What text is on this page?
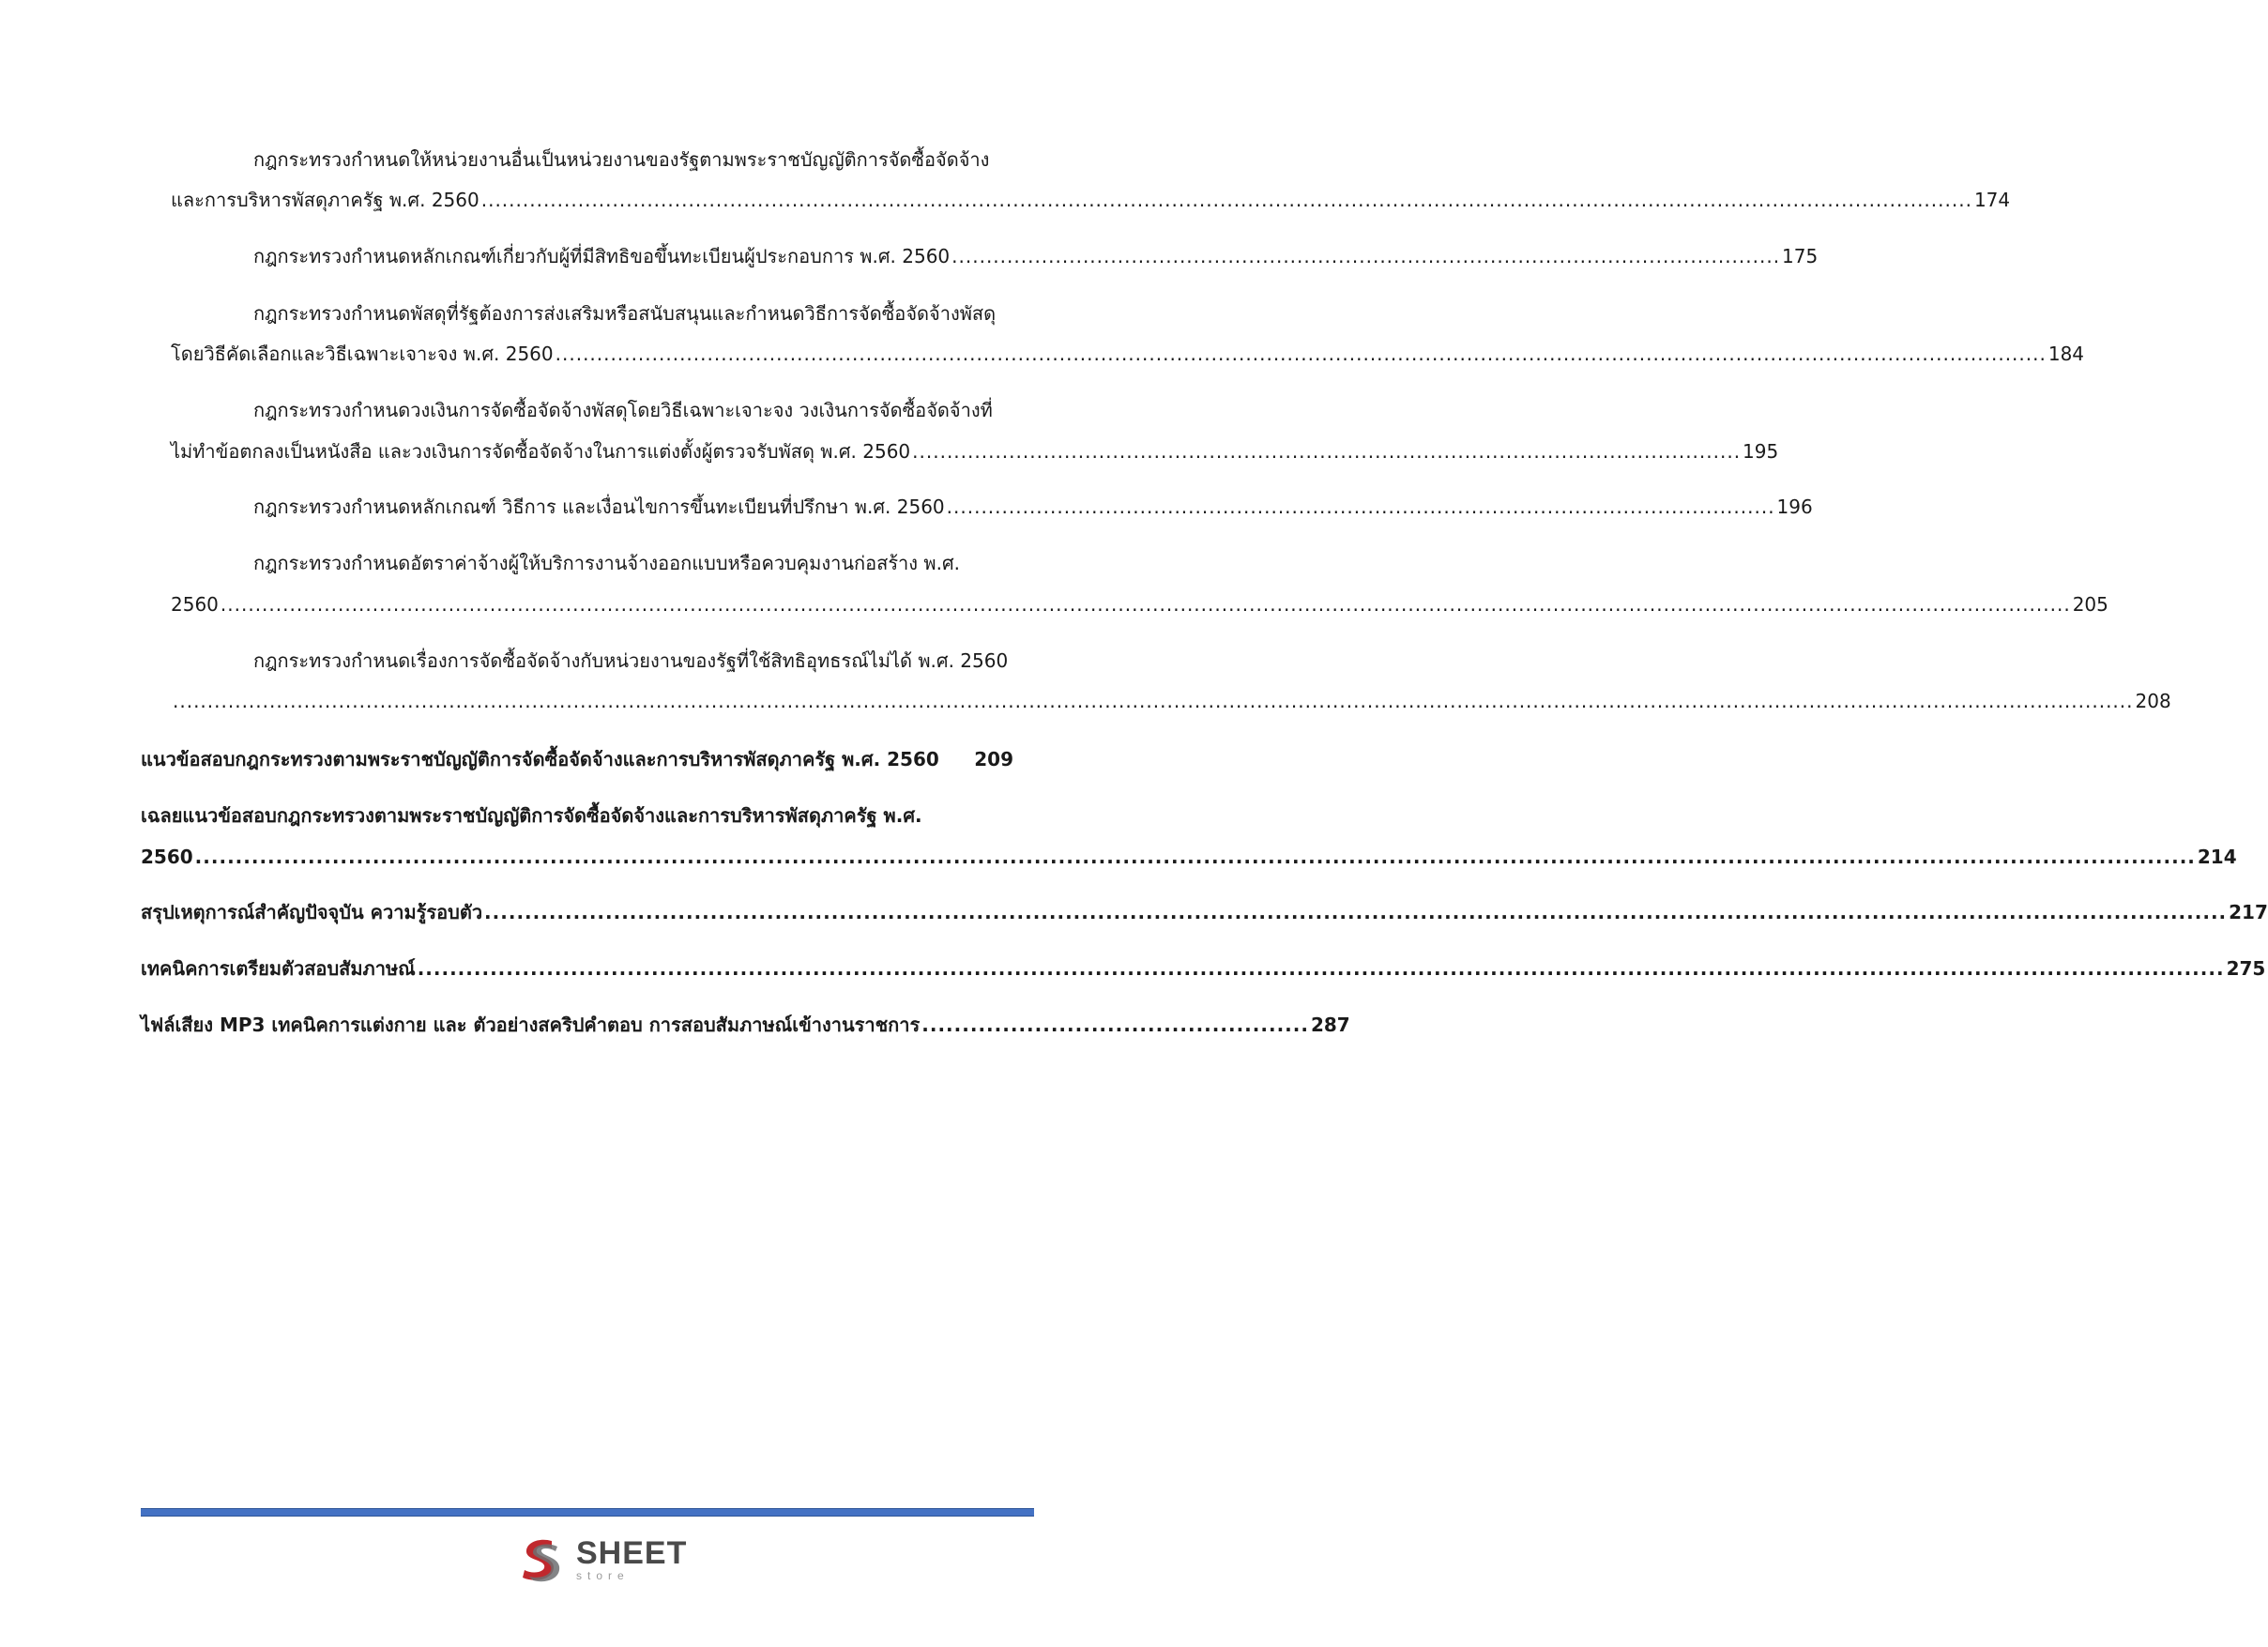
กฎกระทรวงกำหนดให้หน่วยงานอื่นเป็นหน่วยงานของรัฐตามพระราชบัญญัติการจัดซื้อจัดจ้าง
และการบริหารพัสดุภาครัฐ พ.ศ. 2560 ........................................................................................................................................................................................................................ 174
กฎกระทรวงกำหนดหลักเกณฑ์เกี่ยวกับผู้ที่มีสิทธิขอขึ้นทะเบียนผู้ประกอบการ พ.ศ. 2560 ........................................................................................................................ 175
กฎกระทรวงกำหนดพัสดุที่รัฐต้องการส่งเสริมหรือสนับสนุนและกำหนดวิธีการจัดซื้อจัดจ้างพัสดุ
โดยวิธีคัดเลือกและวิธีเฉพาะเจาะจง พ.ศ. 2560 ........................................................................................................................................................................................................................ 184
กฎกระทรวงกำหนดวงเงินการจัดซื้อจัดจ้างพัสดุโดยวิธีเฉพาะเจาะจง วงเงินการจัดซื้อจัดจ้างที่
ไม่ทำข้อตกลงเป็นหนังสือ และวงเงินการจัดซื้อจัดจ้างในการแต่งตั้งผู้ตรวจรับพัสดุ พ.ศ. 2560 ........................................................................................................................ 195
กฎกระทรวงกำหนดหลักเกณฑ์ วิธีการ และเงื่อนไขการขึ้นทะเบียนที่ปรึกษา พ.ศ. 2560 ........................................................................................................................ 196
กฎกระทรวงกำหนดอัตราค่าจ้างผู้ให้บริการงานจ้างออกแบบหรือควบคุมงานก่อสร้าง พ.ศ.
2560 ............................................................................................................................................................................................................................................................................ 205
กฎกระทรวงกำหนดเรื่องการจัดซื้อจัดจ้างกับหน่วยงานของรัฐที่ใช้สิทธิอุทธรณ์ไม่ได้ พ.ศ. 2560
............................................................................................................................................................................................................................................................................................ 208
แนวข้อสอบกฎกระทรวงตามพระราชบัญญัติการจัดซื้อจัดจ้างและการบริหารพัสดุภาครัฐ พ.ศ. 2560 209
เฉลยแนวข้อสอบกฎกระทรวงตามพระราชบัญญัติการจัดซื้อจัดจ้างและการบริหารพัสดุภาครัฐ พ.ศ.
2560 ........................................................................................................................................................................................................................................................ 214
สรุปเหตุการณ์สำคัญปัจจุบัน ความรู้รอบตัว ........................................................................................................................................................................................................................ 217
เทคนิคการเตรียมตัวสอบสัมภาษณ์ ................................................................................................................................................................................................................................ 275
ไฟล์เสียง MP3 เทคนิคการแต่งกาย และ ตัวอย่างสคริปคำตอบ การสอบสัมภาษณ์เข้างานราชการ ................................................ 287
SHEET
store
